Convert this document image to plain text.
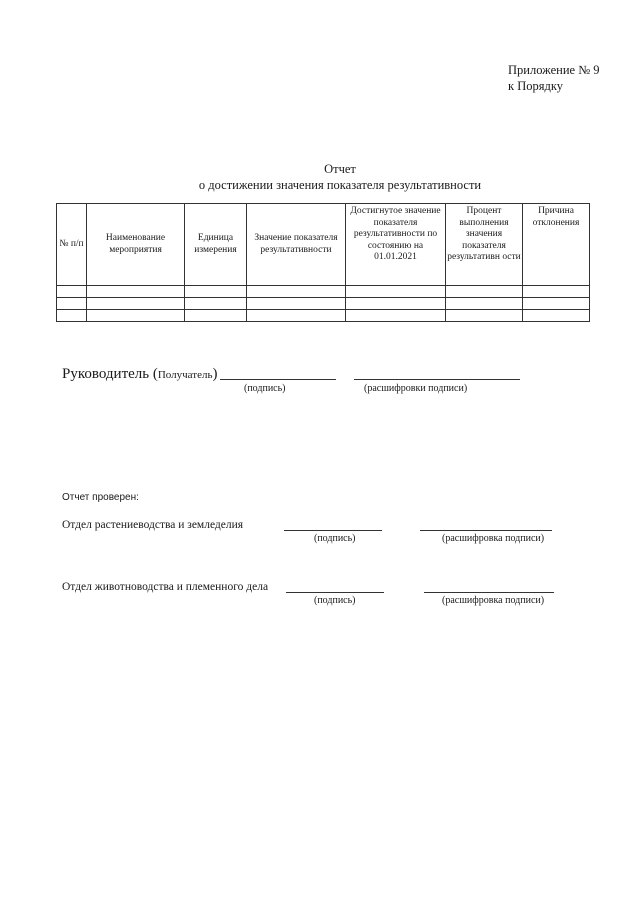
Приложение № 9
к Порядку
Отчет
о достижении значения показателя результативности
№ п/п	Наименование мероприятия	Единица измерения	Значение показателя результативности	Достигнутое значение показателя результативности по состоянию на 01.01.2021	Процент выполнения значения показателя результативн ости	Причина отклонения

Руководитель (Получатель)
(подпись)	(расшифровки подписи)
Отчет проверен:
Отдел растениеводства и земледелия
(подпись)	(расшифровка подписи)
Отдел животноводства и племенного дела
(подпись)	(расшифровка подписи)
